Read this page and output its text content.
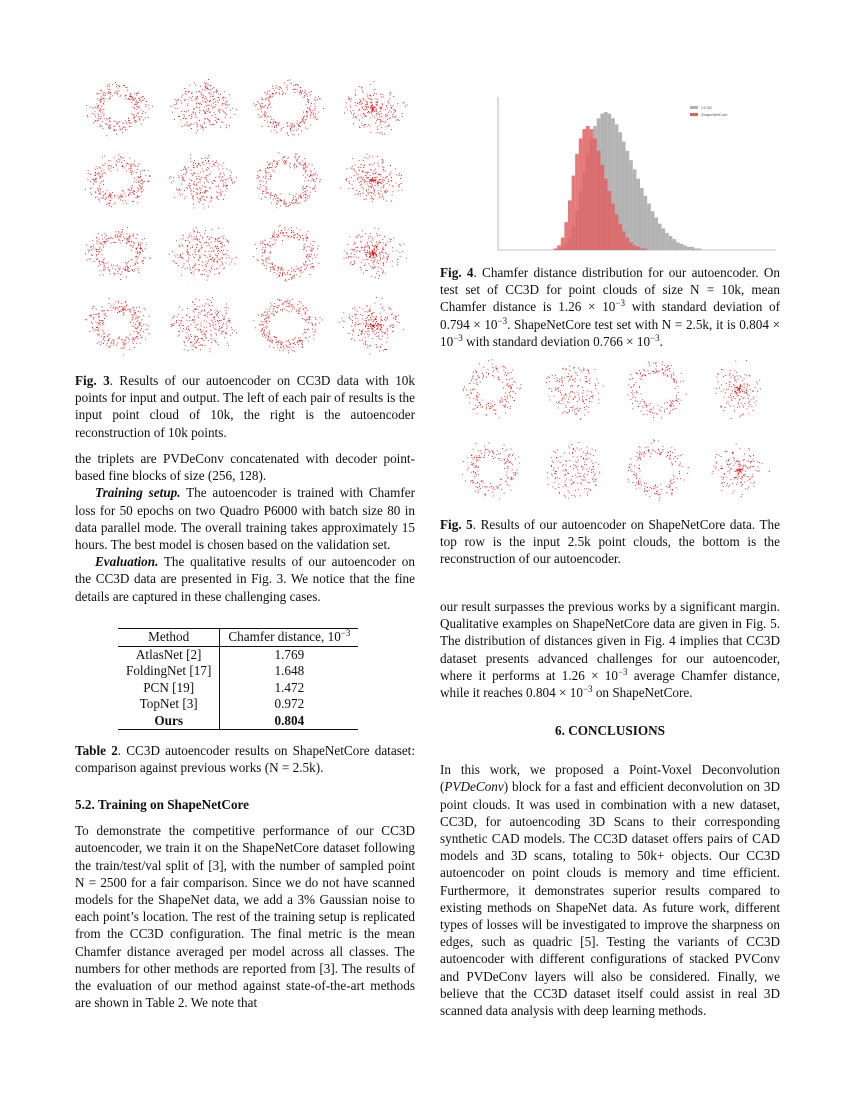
Fig. 3. Results of our autoencoder on CC3D data with 10k points for input and output. The left of each pair of results is the input point cloud of 10k, the right is the autoencoder reconstruction of 10k points.

the triplets are PVDeConv concatenated with decoder point-based fine blocks of size (256, 128).

Training setup. The autoencoder is trained with Chamfer loss for 50 epochs on two Quadro P6000 with batch size 80 in data parallel mode. The overall training takes approximately 15 hours. The best model is chosen based on the validation set.

Evaluation. The qualitative results of our autoencoder on the CC3D data are presented in Fig. 3. We notice that the fine details are captured in these challenging cases.

Method	Chamfer distance, $10^{-3}$
AtlasNet [2]	1.769
FoldingNet [17]	1.648
PCN [19]	1.472
TopNet [3]	0.972
Ours	0.804

Table 2. CC3D autoencoder results on ShapeNetCore dataset: comparison against previous works (N = 2.5k).

5.2. Training on ShapeNetCore

To demonstrate the competitive performance of our CC3D autoencoder, we train it on the ShapeNetCore dataset following the train/test/val split of [3], with the number of sampled point N = 2500 for a fair comparison. Since we do not have scanned models for the ShapeNet data, we add a 3% Gaussian noise to each point’s location. The rest of the training setup is replicated from the CC3D configuration. The final metric is the mean Chamfer distance averaged per model across all classes. The numbers for other methods are reported from [3]. The results of the evaluation of our method against state-of-the-art methods are shown in Table 2. We note that

CC3D
ShapeNetCore

Fig. 4. Chamfer distance distribution for our autoencoder. On test set of CC3D for point clouds of size N = 10k, mean Chamfer distance is $1.26 \times 10^{-3}$ with standard deviation of $0.794 \times 10^{-3}$. ShapeNetCore test set with N = 2.5k, it is $0.804 \times 10^{-3}$ with standard deviation $0.766 \times 10^{-3}$.

Fig. 5. Results of our autoencoder on ShapeNetCore data. The top row is the input 2.5k point clouds, the bottom is the reconstruction of our autoencoder.

our result surpasses the previous works by a significant margin. Qualitative examples on ShapeNetCore data are given in Fig. 5. The distribution of distances given in Fig. 4 implies that CC3D dataset presents advanced challenges for our autoencoder, where it performs at $1.26 \times 10^{-3}$ average Chamfer distance, while it reaches $0.804 \times 10^{-3}$ on ShapeNetCore.

6. CONCLUSIONS

In this work, we proposed a Point-Voxel Deconvolution (PVDeConv) block for a fast and efficient deconvolution on 3D point clouds. It was used in combination with a new dataset, CC3D, for autoencoding 3D Scans to their corresponding synthetic CAD models. The CC3D dataset offers pairs of CAD models and 3D scans, totaling to 50k+ objects. Our CC3D autoencoder on point clouds is memory and time efficient. Furthermore, it demonstrates superior results compared to existing methods on ShapeNet data. As future work, different types of losses will be investigated to improve the sharpness on edges, such as quadric [5]. Testing the variants of CC3D autoencoder with different configurations of stacked PVConv and PVDeConv layers will also be considered. Finally, we believe that the CC3D dataset itself could assist in real 3D scanned data analysis with deep learning methods.
